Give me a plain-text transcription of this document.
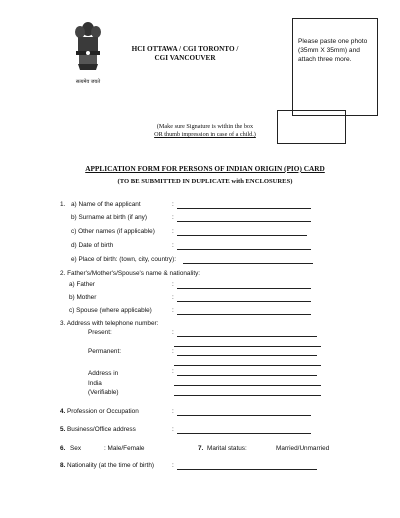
सत्यमेव जयते
HCI OTTAWA / CGI TORONTO /
CGI VANCOUVER
Please paste one photo (35mm X 35mm) and attach three more.
(Make sure Signature is within the box
OR thumb impression in case of a child.)
APPLICATION FORM FOR PERSONS OF INDIAN ORIGIN (PIO) CARD
(TO BE SUBMITTED IN DUPLICATE with ENCLOSURES)
1. a) Name of the applicant	:
b) Surname at birth (if any)	:
c) Other names (if applicable)	:
d) Date of birth	:
e) Place of birth: (town, city, country):
2. Father's/Mother's/Spouse's name & nationality:
a) Father	:
b) Mother	:
c) Spouse (where applicable)	:
3. Address with telephone number:
Present:	:
Permanent:	:
Address in
India
(Verifiable)
:
4. Profession or Occupation	:
5. Business/Office address	:
6. Sex	: Male/Female	7. Marital status:	Married/Unmarried
8. Nationality (at the time of birth)	:
